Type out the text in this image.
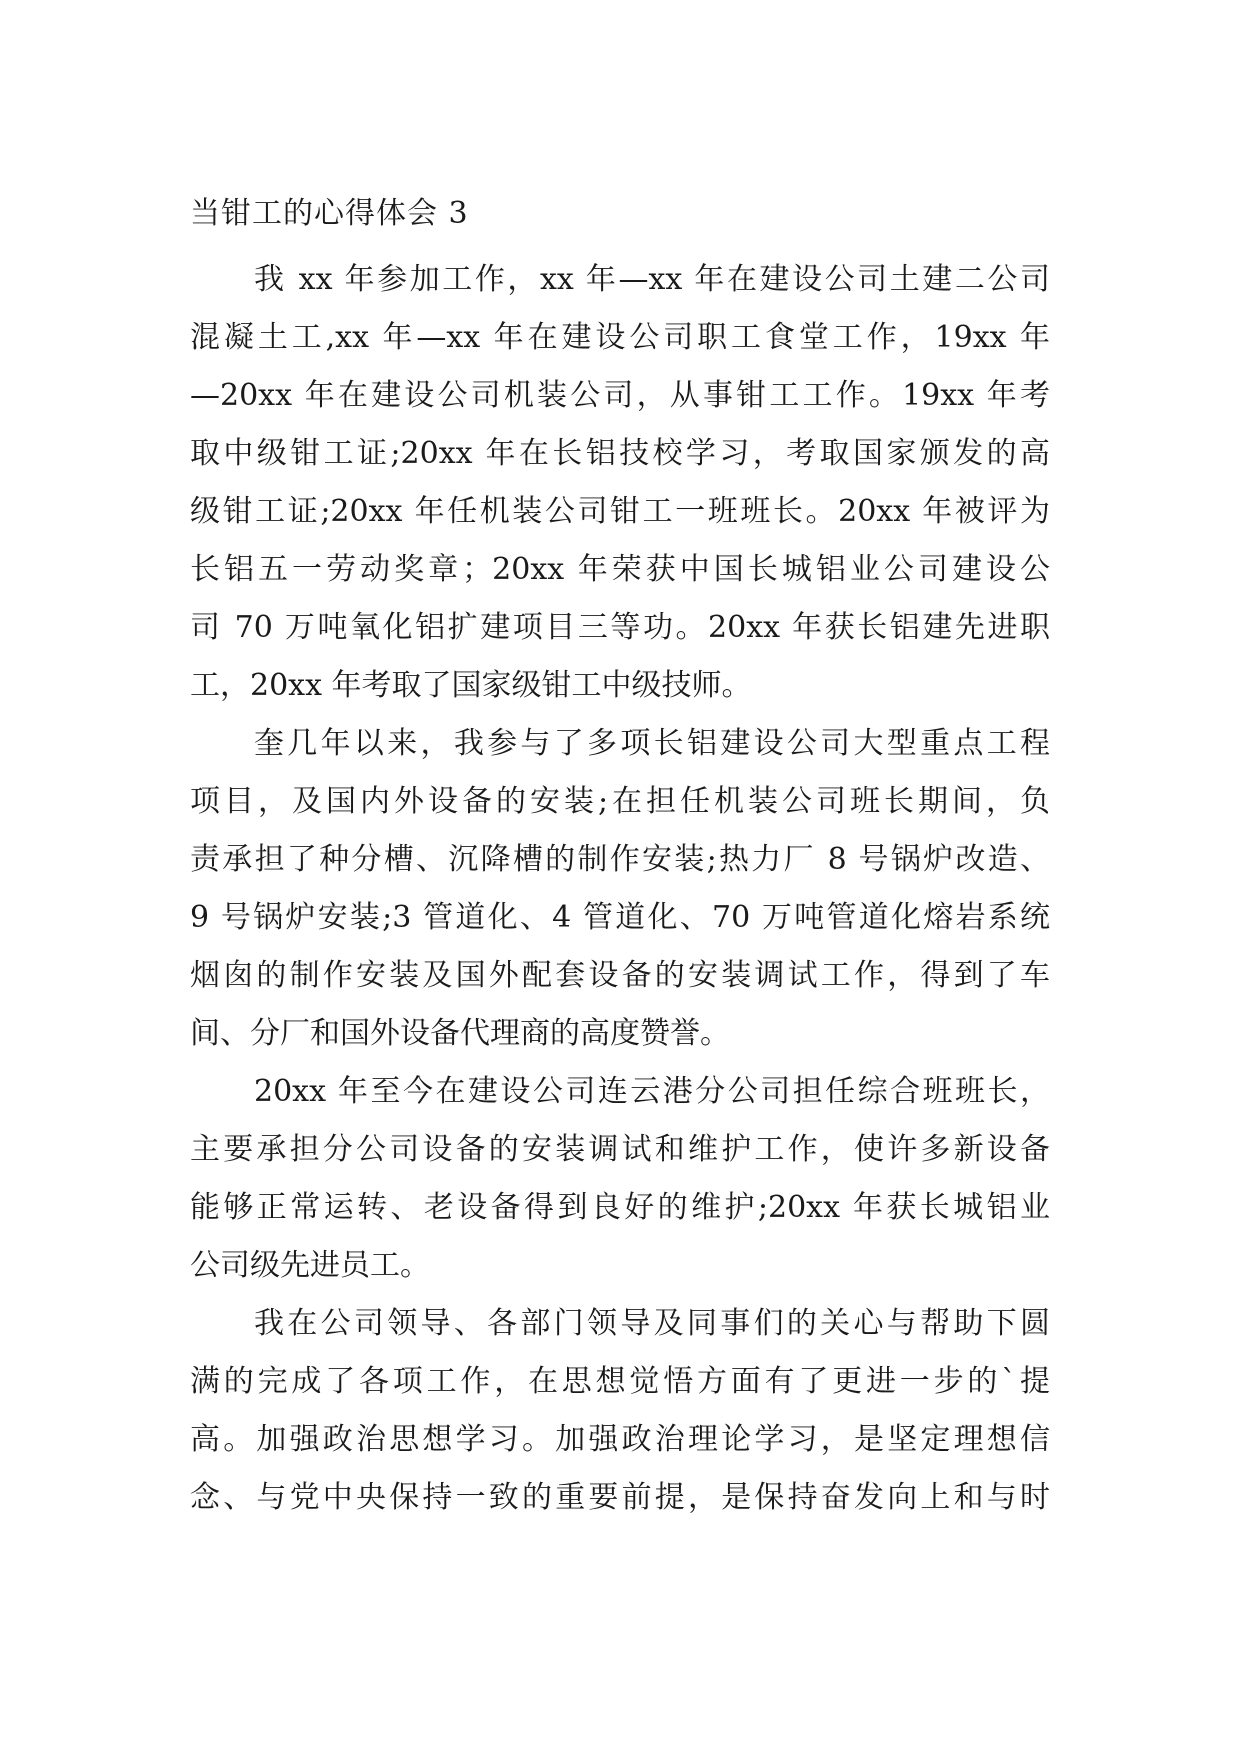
当钳工的心得体会 3
我 xx 年参加工作，xx 年—xx 年在建设公司土建二公司
混凝土工,xx 年—xx 年在建设公司职工食堂工作，19xx 年
—20xx 年在建设公司机装公司，从事钳工工作。19xx 年考
取中级钳工证;20xx 年在长铝技校学习，考取国家颁发的高
级钳工证;20xx 年任机装公司钳工一班班长。20xx 年被评为
长铝五一劳动奖章；20xx 年荣获中国长城铝业公司建设公
司 70 万吨氧化铝扩建项目三等功。20xx 年获长铝建先进职
工，20xx 年考取了国家级钳工中级技师。
奎几年以来，我参与了多项长铝建设公司大型重点工程
项目，及国内外设备的安装;在担任机装公司班长期间，负
责承担了种分槽、沉降槽的制作安装;热力厂 8 号锅炉改造、
9 号锅炉安装;3 管道化、4 管道化、70 万吨管道化熔岩系统
烟囱的制作安装及国外配套设备的安装调试工作，得到了车
间、分厂和国外设备代理商的高度赞誉。
20xx 年至今在建设公司连云港分公司担任综合班班长，
主要承担分公司设备的安装调试和维护工作，使许多新设备
能够正常运转、老设备得到良好的维护;20xx 年获长城铝业
公司级先进员工。
我在公司领导、各部门领导及同事们的关心与帮助下圆
满的完成了各项工作，在思想觉悟方面有了更进一步的`提
高。加强政治思想学习。加强政治理论学习，是坚定理想信
念、与党中央保持一致的重要前提，是保持奋发向上和与时
